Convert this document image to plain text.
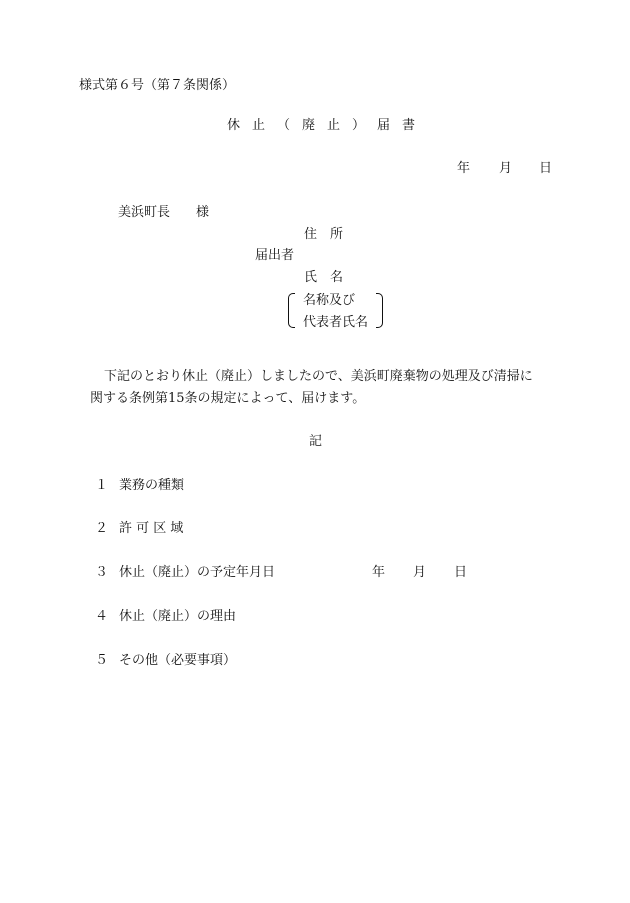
様式第６号（第７条関係）
休止（廃止）届書
年 月 日
美浜町長　　様
住　所
届出者
氏　名
名称及び
代表者氏名
下記のとおり休止（廃止）しましたので、美浜町廃棄物の処理及び清掃に
関する条例第15条の規定によって、届けます。
記
１ 業務の種類
２ 許 可 区 域
３ 休止（廃止）の予定年月日	年 月 日
４ 休止（廃止）の理由
５ その他（必要事項）
